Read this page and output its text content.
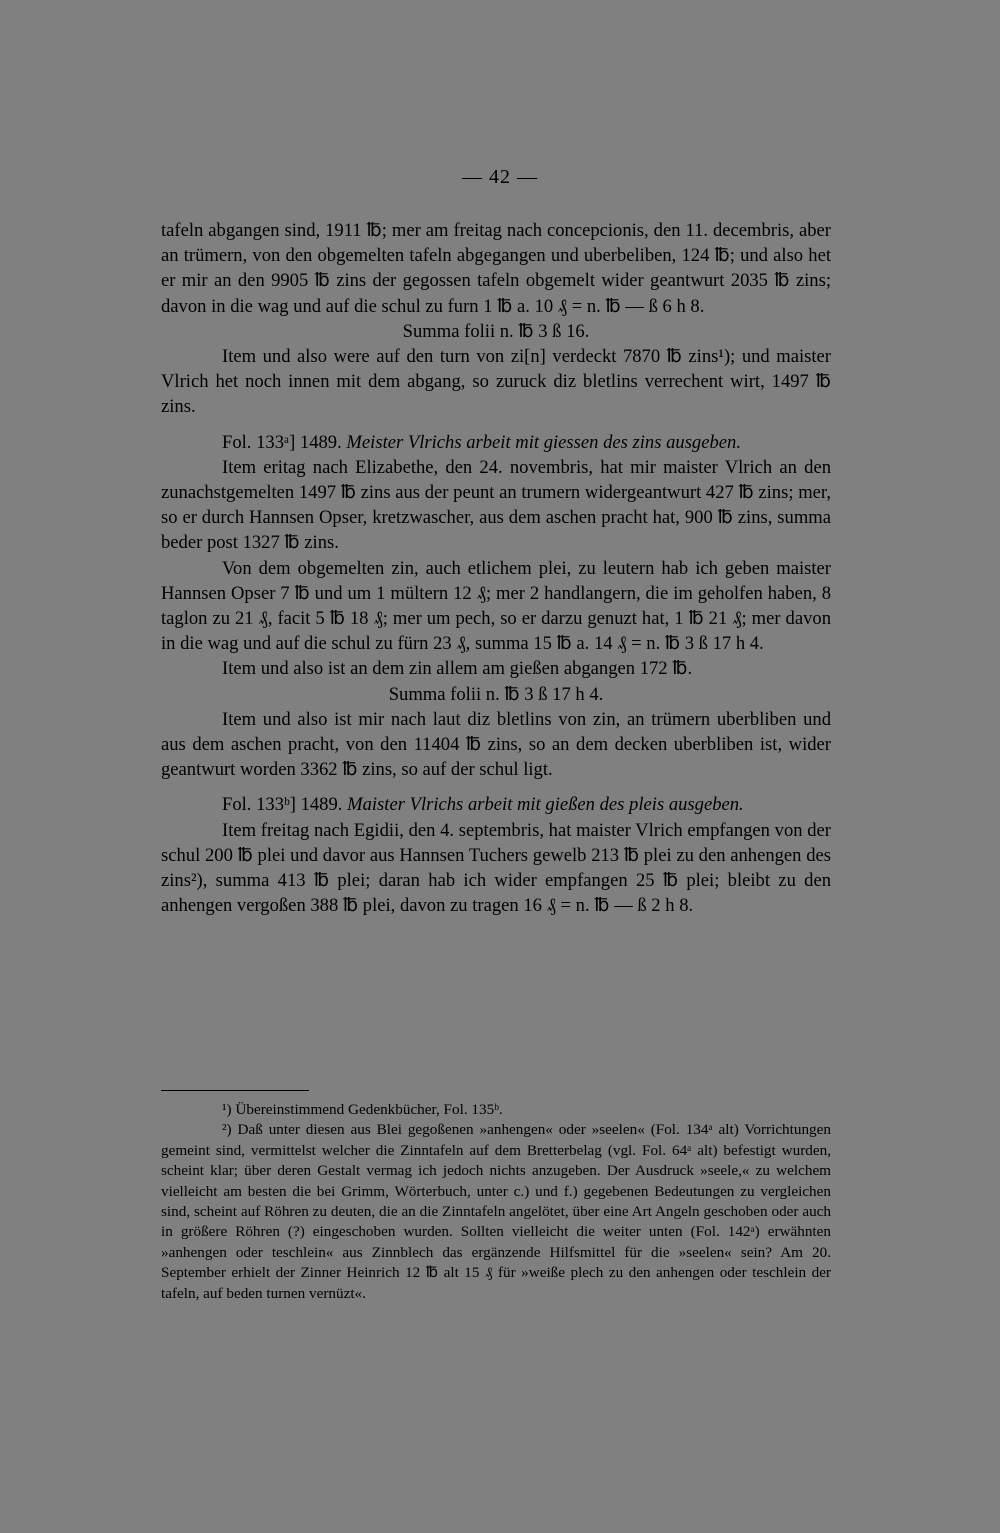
— 42 —

tafeln abgangen sind, 1911 ℔; mer am freitag nach concepcionis, den 11. decembris, aber an trümern, von den obgemelten tafeln abgegangen und uberbeliben, 124 ℔; und also het er mir an den 9905 ℔ zins der gegossen tafeln obgemelt wider geantwurt 2035 ℔ zins; davon in die wag und auf die schul zu furn 1 ℔ a. 10 ₰ = n. ℔ — ß 6 h 8.

Summa folii n. ℔ 3 ß 16.

Item und also were auf den turn von zi[n] verdeckt 7870 ℔ zins¹); und maister Vlrich het noch innen mit dem abgang, so zuruck diz bletlins verrechent wirt, 1497 ℔ zins.

Fol. 133ᵃ] 1489. Meister Vlrichs arbeit mit giessen des zins ausgeben.

Item eritag nach Elizabethe, den 24. novembris, hat mir maister Vlrich an den zunachstgemelten 1497 ℔ zins aus der peunt an trumern widergeantwurt 427 ℔ zins; mer, so er durch Hannsen Opser, kretzwascher, aus dem aschen pracht hat, 900 ℔ zins, summa beder post 1327 ℔ zins.

Von dem obgemelten zin, auch etlichem plei, zu leutern hab ich geben maister Hannsen Opser 7 ℔ und um 1 mültern 12 ₰; mer 2 handlangern, die im geholfen haben, 8 taglon zu 21 ₰, facit 5 ℔ 18 ₰; mer um pech, so er darzu genuzt hat, 1 ℔ 21 ₰; mer davon in die wag und auf die schul zu fürn 23 ₰, summa 15 ℔ a. 14 ₰ = n. ℔ 3 ß 17 h 4.

Item und also ist an dem zin allem am gießen abgangen 172 ℔.

Summa folii n. ℔ 3 ß 17 h 4.

Item und also ist mir nach laut diz bletlins von zin, an trümern uberbliben und aus dem aschen pracht, von den 11404 ℔ zins, so an dem decken uberbliben ist, wider geantwurt worden 3362 ℔ zins, so auf der schul ligt.

Fol. 133ᵇ] 1489. Maister Vlrichs arbeit mit gießen des pleis ausgeben.

Item freitag nach Egidii, den 4. septembris, hat maister Vlrich empfangen von der schul 200 ℔ plei und davor aus Hannsen Tuchers gewelb 213 ℔ plei zu den anhengen des zins²), summa 413 ℔ plei; daran hab ich wider empfangen 25 ℔ plei; bleibt zu den anhengen vergoßen 388 ℔ plei, davon zu tragen 16 ₰ = n. ℔ — ß 2 h 8.

¹) Übereinstimmend Gedenkbücher, Fol. 135ᵇ.

²) Daß unter diesen aus Blei gegoßenen »anhengen« oder »seelen« (Fol. 134ᵃ alt) Vorrichtungen gemeint sind, vermittelst welcher die Zinntafeln auf dem Bretterbelag (vgl. Fol. 64ᵃ alt) befestigt wurden, scheint klar; über deren Gestalt vermag ich jedoch nichts anzugeben. Der Ausdruck »seele,« zu welchem vielleicht am besten die bei Grimm, Wörterbuch, unter c.) und f.) gegebenen Bedeutungen zu vergleichen sind, scheint auf Röhren zu deuten, die an die Zinntafeln angelötet, über eine Art Angeln geschoben oder auch in größere Röhren (?) eingeschoben wurden. Sollten vielleicht die weiter unten (Fol. 142ᵃ) erwähnten »anhengen oder teschlein« aus Zinnblech das ergänzende Hilfsmittel für die »seelen« sein? Am 20. September erhielt der Zinner Heinrich 12 ℔ alt 15 ₰ für »weiße plech zu den anhengen oder teschlein der tafeln, auf beden turnen vernüzt«.
